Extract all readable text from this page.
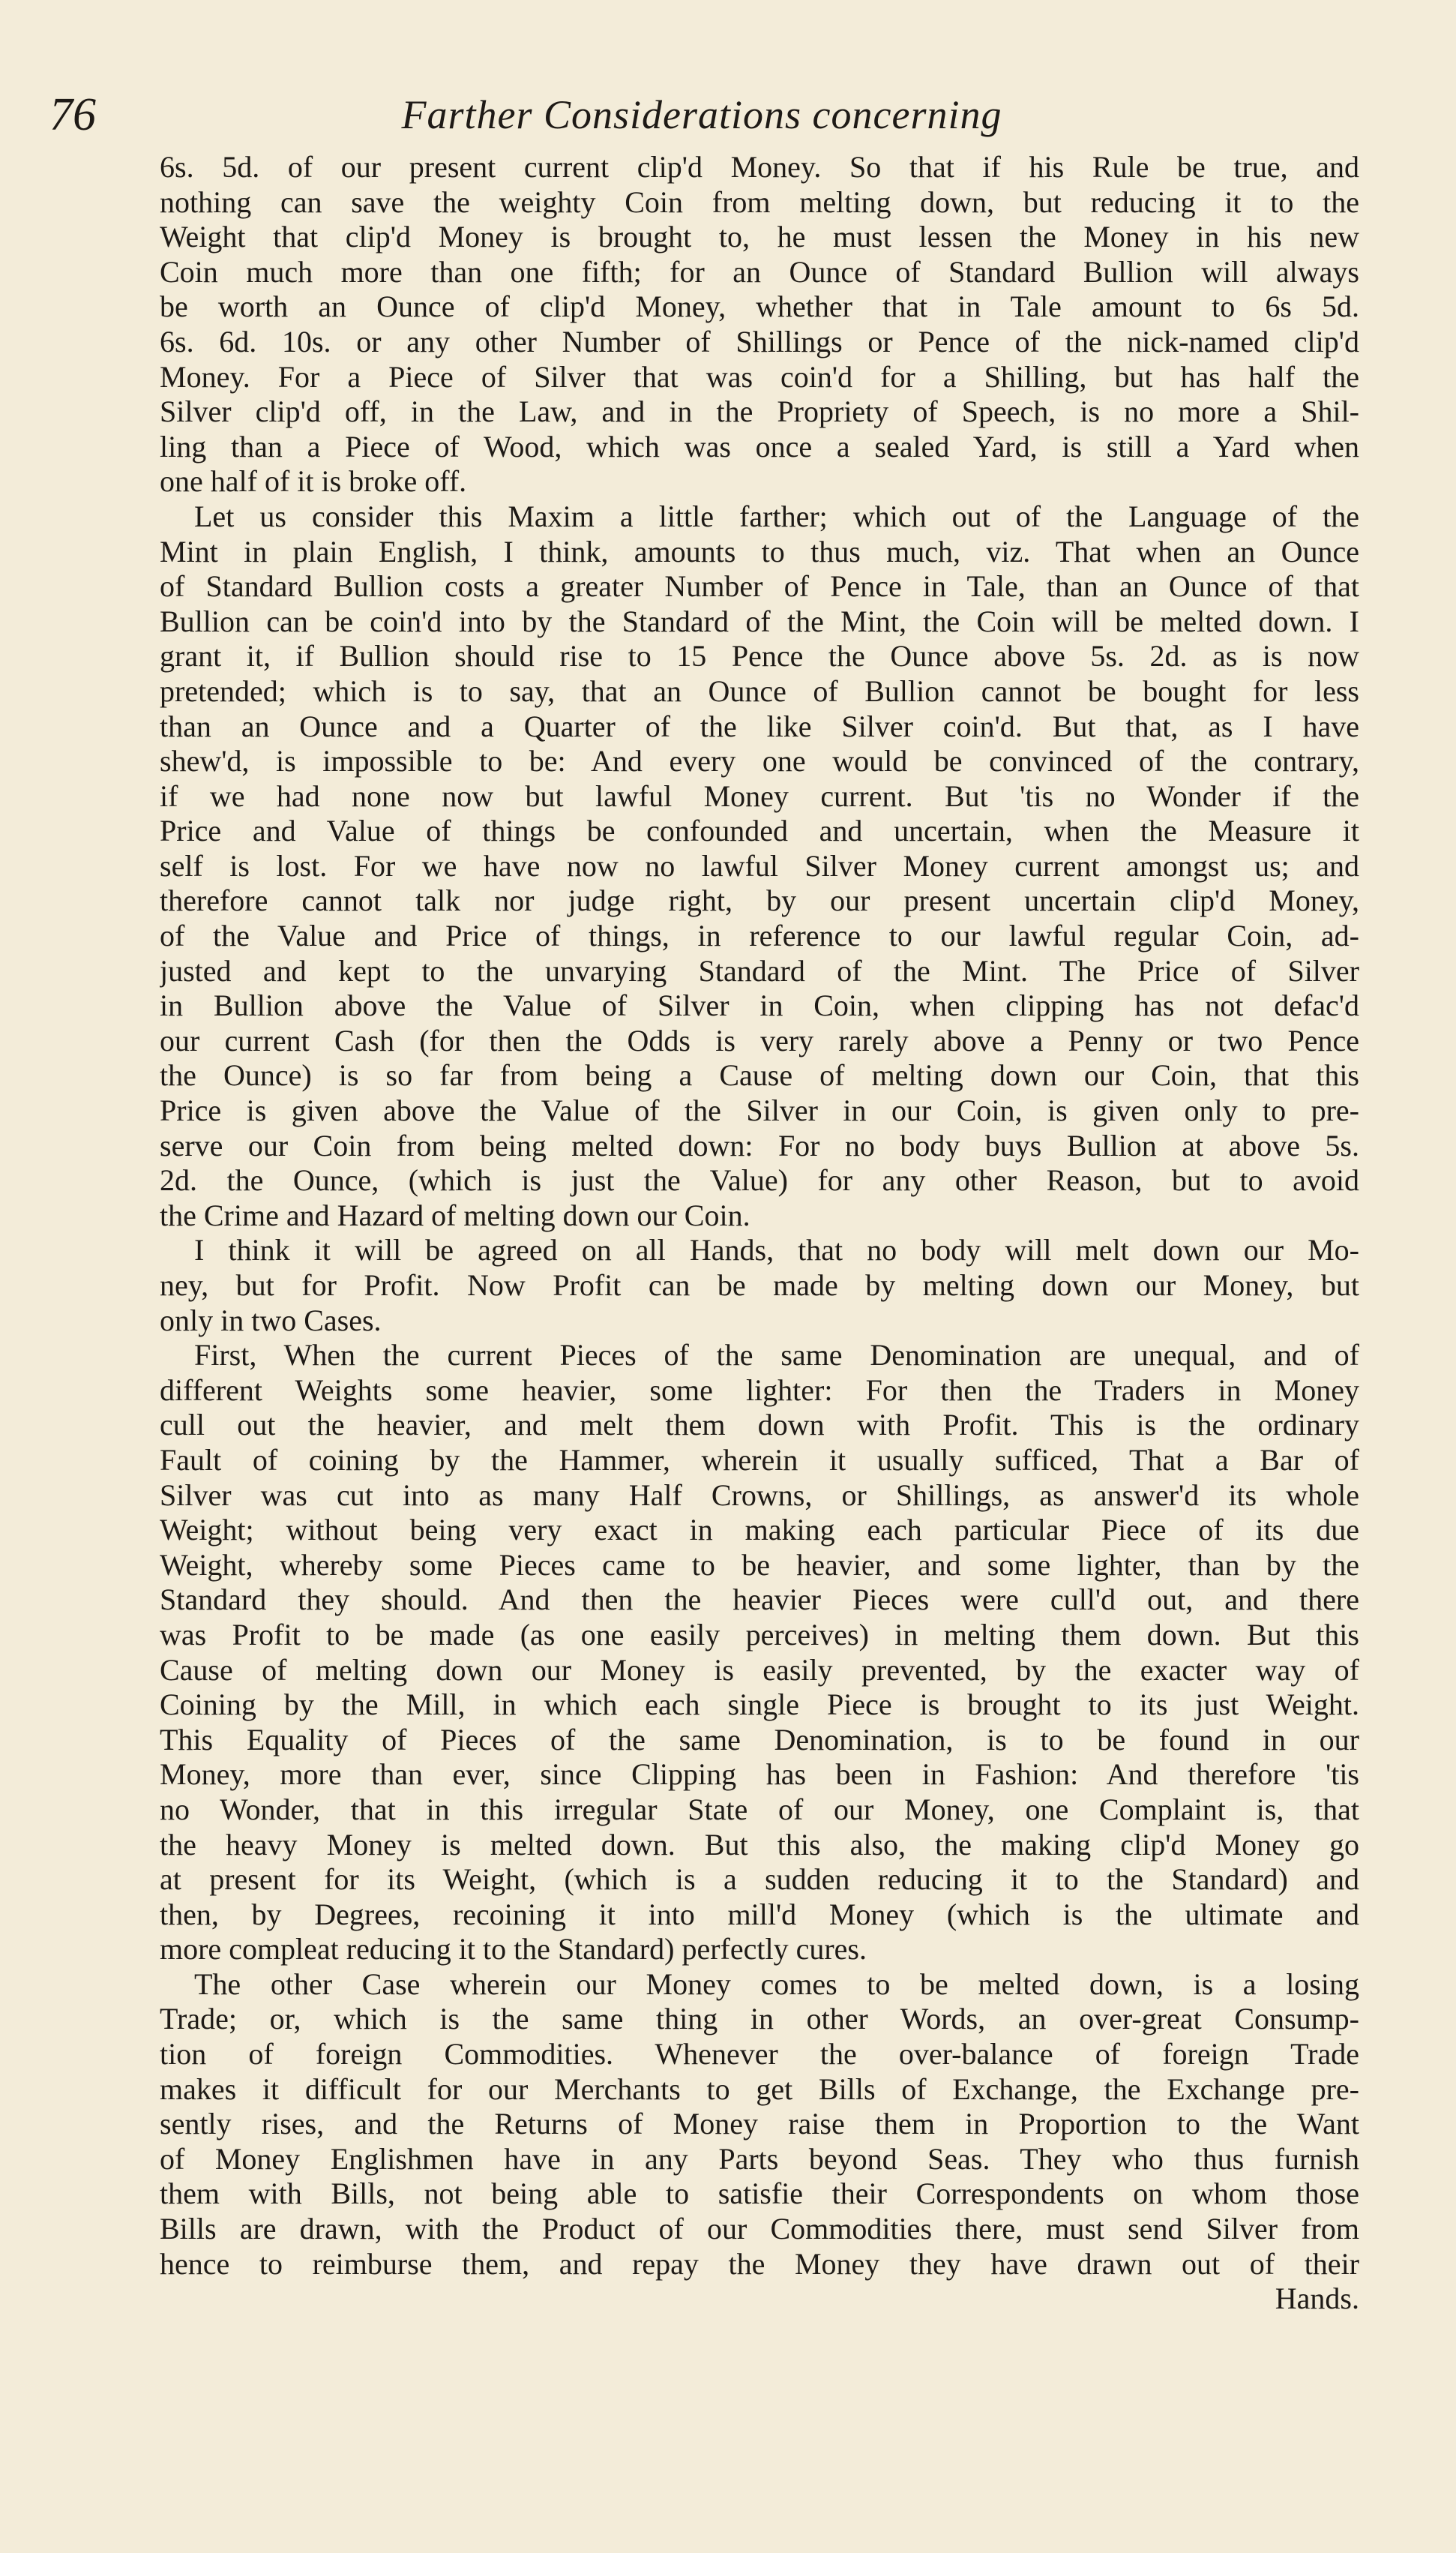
76	Farther Considerations concerning
6s. 5d. of our present current clip'd Money. So that if his Rule be true, and
nothing can save the weighty Coin from melting down, but reducing it to the
Weight that clip'd Money is brought to, he must lessen the Money in his new
Coin much more than one fifth; for an Ounce of Standard Bullion will always
be worth an Ounce of clip'd Money, whether that in Tale amount to 6s 5d.
6s. 6d. 10s. or any other Number of Shillings or Pence of the nick-named clip'd
Money. For a Piece of Silver that was coin'd for a Shilling, but has half the
Silver clip'd off, in the Law, and in the Propriety of Speech, is no more a Shil-
ling than a Piece of Wood, which was once a sealed Yard, is still a Yard when
one half of it is broke off.
Let us consider this Maxim a little farther; which out of the Language of the
Mint in plain English, I think, amounts to thus much, viz. That when an Ounce
of Standard Bullion costs a greater Number of Pence in Tale, than an Ounce of that
Bullion can be coin'd into by the Standard of the Mint, the Coin will be melted down. I
grant it, if Bullion should rise to 15 Pence the Ounce above 5s. 2d. as is now
pretended; which is to say, that an Ounce of Bullion cannot be bought for less
than an Ounce and a Quarter of the like Silver coin'd. But that, as I have
shew'd, is impossible to be: And every one would be convinced of the contrary,
if we had none now but lawful Money current. But 'tis no Wonder if the
Price and Value of things be confounded and uncertain, when the Measure it
self is lost. For we have now no lawful Silver Money current amongst us; and
therefore cannot talk nor judge right, by our present uncertain clip'd Money,
of the Value and Price of things, in reference to our lawful regular Coin, ad-
justed and kept to the unvarying Standard of the Mint. The Price of Silver
in Bullion above the Value of Silver in Coin, when clipping has not defac'd
our current Cash (for then the Odds is very rarely above a Penny or two Pence
the Ounce) is so far from being a Cause of melting down our Coin, that this
Price is given above the Value of the Silver in our Coin, is given only to pre-
serve our Coin from being melted down: For no body buys Bullion at above 5s.
2d. the Ounce, (which is just the Value) for any other Reason, but to avoid
the Crime and Hazard of melting down our Coin.
I think it will be agreed on all Hands, that no body will melt down our Mo-
ney, but for Profit. Now Profit can be made by melting down our Money, but
only in two Cases.
First, When the current Pieces of the same Denomination are unequal, and of
different Weights some heavier, some lighter: For then the Traders in Money
cull out the heavier, and melt them down with Profit. This is the ordinary
Fault of coining by the Hammer, wherein it usually sufficed, That a Bar of
Silver was cut into as many Half Crowns, or Shillings, as answer'd its whole
Weight; without being very exact in making each particular Piece of its due
Weight, whereby some Pieces came to be heavier, and some lighter, than by the
Standard they should. And then the heavier Pieces were cull'd out, and there
was Profit to be made (as one easily perceives) in melting them down. But this
Cause of melting down our Money is easily prevented, by the exacter way of
Coining by the Mill, in which each single Piece is brought to its just Weight.
This Equality of Pieces of the same Denomination, is to be found in our
Money, more than ever, since Clipping has been in Fashion: And therefore 'tis
no Wonder, that in this irregular State of our Money, one Complaint is, that
the heavy Money is melted down. But this also, the making clip'd Money go
at present for its Weight, (which is a sudden reducing it to the Standard) and
then, by Degrees, recoining it into mill'd Money (which is the ultimate and
more compleat reducing it to the Standard) perfectly cures.
The other Case wherein our Money comes to be melted down, is a losing
Trade; or, which is the same thing in other Words, an over-great Consump-
tion of foreign Commodities. Whenever the over-balance of foreign Trade
makes it difficult for our Merchants to get Bills of Exchange, the Exchange pre-
sently rises, and the Returns of Money raise them in Proportion to the Want
of Money Englishmen have in any Parts beyond Seas. They who thus furnish
them with Bills, not being able to satisfie their Correspondents on whom those
Bills are drawn, with the Product of our Commodities there, must send Silver from
hence to reimburse them, and repay the Money they have drawn out of their
Hands.
